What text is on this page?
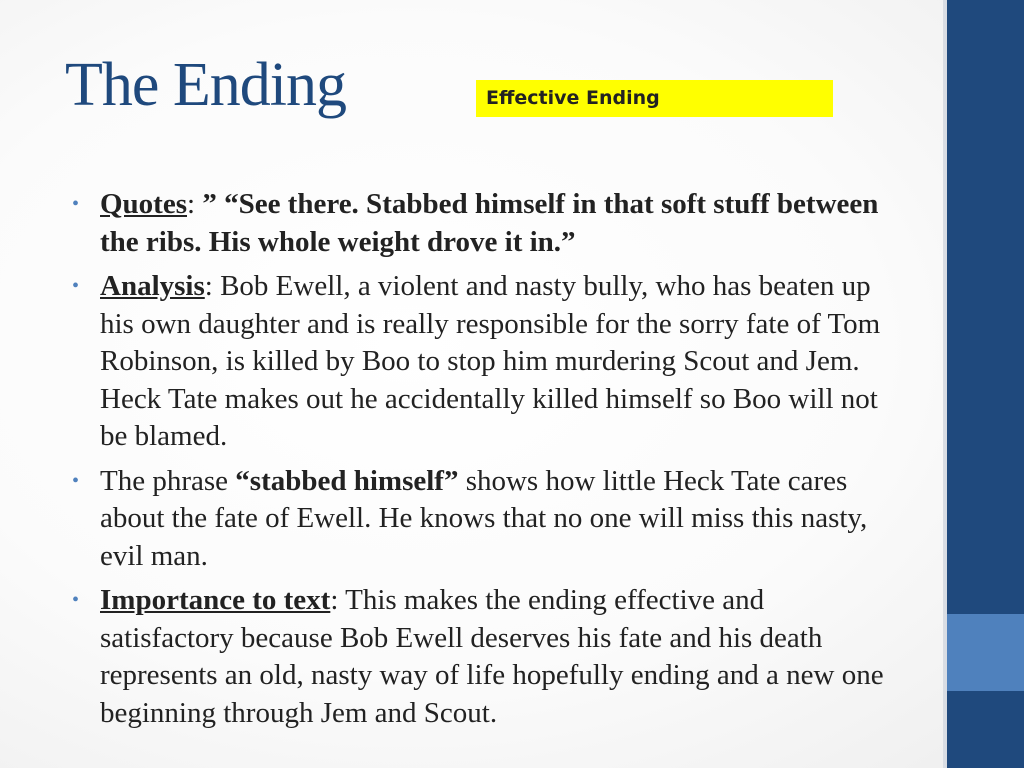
The Ending	Effective Ending
• Quotes: ” “See there. Stabbed himself in that soft stuff between the ribs. His whole weight drove it in.”
• Analysis: Bob Ewell, a violent and nasty bully, who has beaten up his own daughter and is really responsible for the sorry fate of Tom Robinson, is killed by Boo to stop him murdering Scout and Jem. Heck Tate makes out he accidentally killed himself so Boo will not be blamed.
• The phrase “stabbed himself” shows how little Heck Tate cares about the fate of Ewell. He knows that no one will miss this nasty, evil man.
• Importance to text: This makes the ending effective and satisfactory because Bob Ewell deserves his fate and his death represents an old, nasty way of life hopefully ending and a new one beginning through Jem and Scout.
